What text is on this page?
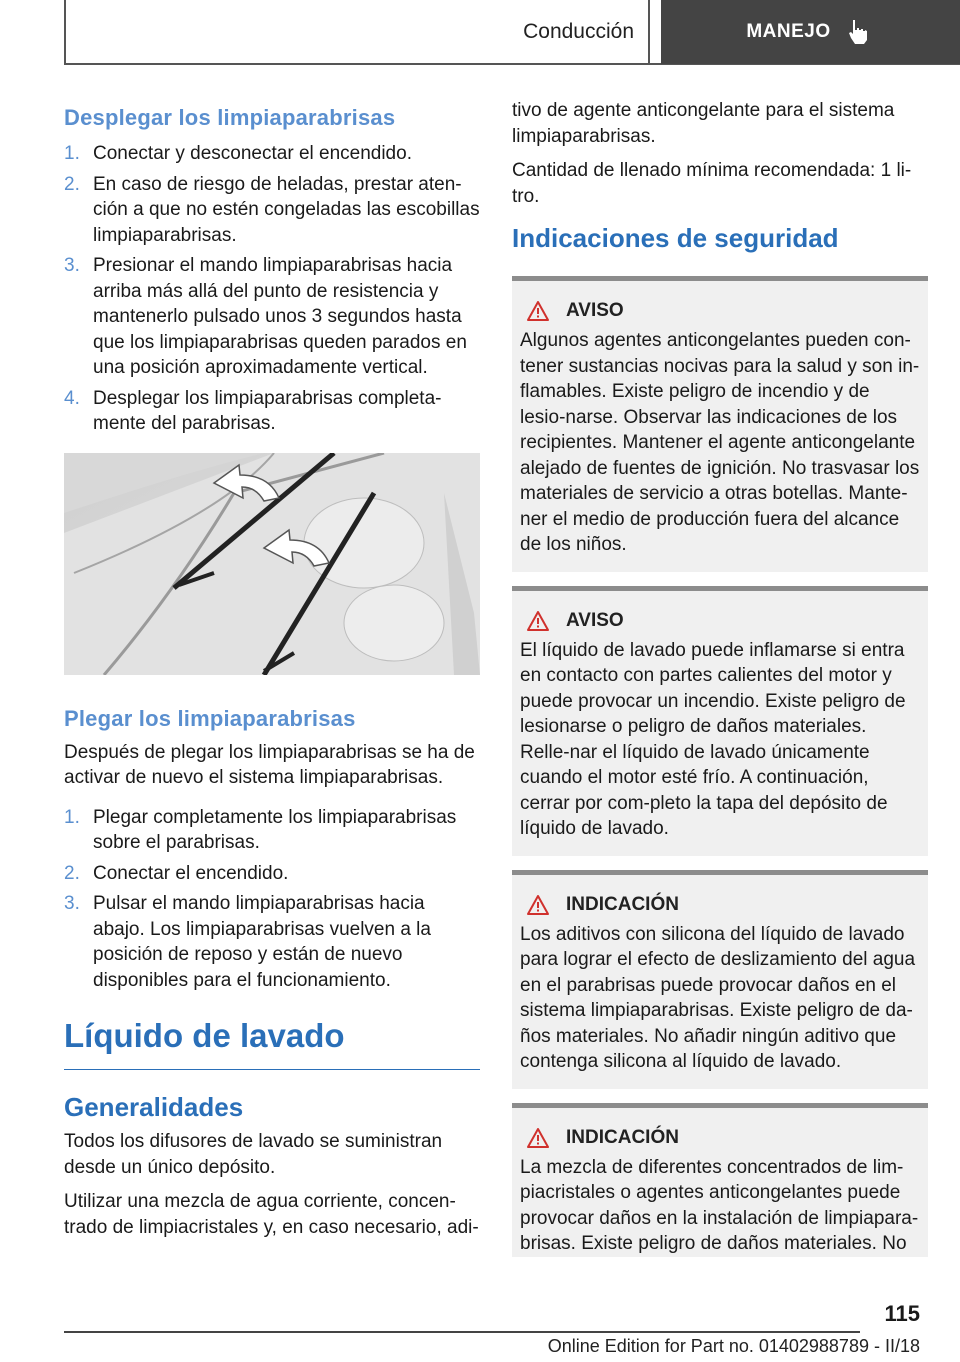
Conducción	MANEJO
Desplegar los limpiaparabrisas
1. Conectar y desconectar el encendido.
2. En caso de riesgo de heladas, prestar aten‐ción a que no estén congeladas las escobillas limpiaparabrisas.
3. Presionar el mando limpiaparabrisas hacia arriba más allá del punto de resistencia y mantenerlo pulsado unos 3 segundos hasta que los limpiaparabrisas queden parados en una posición aproximadamente vertical.
4. Desplegar los limpiaparabrisas completa‐mente del parabrisas.
Plegar los limpiaparabrisas

Después de plegar los limpiaparabrisas se ha de activar de nuevo el sistema limpiaparabrisas.

1. Plegar completamente los limpiaparabrisas sobre el parabrisas.
2. Conectar el encendido.
3. Pulsar el mando limpiaparabrisas hacia abajo. Los limpiaparabrisas vuelven a la posición de reposo y están de nuevo disponibles para el funcionamiento.
Líquido de lavado
Generalidades

Todos los difusores de lavado se suministran desde un único depósito.

Utilizar una mezcla de agua corriente, concen‐trado de limpiacristales y, en caso necesario, adi‐

tivo de agente anticongelante para el sistema limpiaparabrisas.

Cantidad de llenado mínima recomendada: 1 li‐tro.

Indicaciones de seguridad
AVISO

Algunos agentes anticongelantes pueden con‐tener sustancias nocivas para la salud y son in‐flamables. Existe peligro de incendio y de lesio‐narse. Observar las indicaciones de los recipientes. Mantener el agente anticongelante alejado de fuentes de ignición. No trasvasar los materiales de servicio a otras botellas. Mante‐ner el medio de producción fuera del alcance de los niños.

AVISO

El líquido de lavado puede inflamarse si entra en contacto con partes calientes del motor y puede provocar un incendio. Existe peligro de lesionarse o peligro de daños materiales. Relle‐nar el líquido de lavado únicamente cuando el motor esté frío. A continuación, cerrar por com‐pleto la tapa del depósito de líquido de lavado.

INDICACIÓN

Los aditivos con silicona del líquido de lavado para lograr el efecto de deslizamiento del agua en el parabrisas puede provocar daños en el sistema limpiaparabrisas. Existe peligro de da‐ños materiales. No añadir ningún aditivo que contenga silicona al líquido de lavado.

INDICACIÓN

La mezcla de diferentes concentrados de lim‐piacristales o agentes anticongelantes puede provocar daños en la instalación de limpiapara‐brisas. Existe peligro de daños materiales. No

115
Online Edition for Part no. 01402988789 - II/18
